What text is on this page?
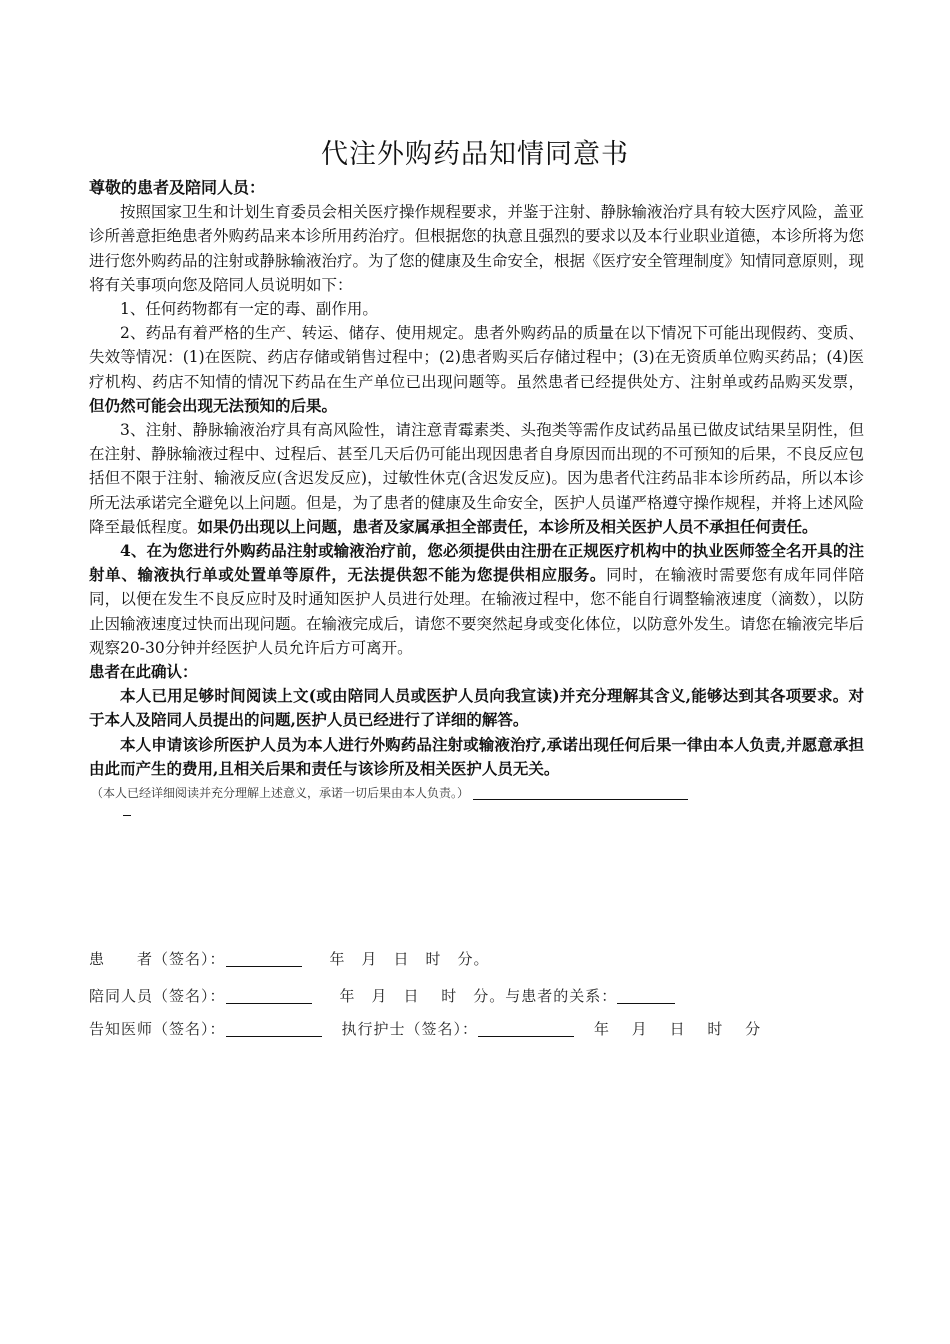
代注外购药品知情同意书

尊敬的患者及陪同人员：

按照国家卫生和计划生育委员会相关医疗操作规程要求，并鉴于注射、静脉输液治疗具有较大医疗风险，盖亚诊所善意拒绝患者外购药品来本诊所用药治疗。但根据您的执意且强烈的要求以及本行业职业道德，本诊所将为您进行您外购药品的注射或静脉输液治疗。为了您的健康及生命安全，根据《医疗安全管理制度》知情同意原则，现将有关事项向您及陪同人员说明如下：

1、任何药物都有一定的毒、副作用。

2、药品有着严格的生产、转运、储存、使用规定。患者外购药品的质量在以下情况下可能出现假药、变质、失效等情况：(1)在医院、药店存储或销售过程中；(2)患者购买后存储过程中；(3)在无资质单位购买药品；(4)医疗机构、药店不知情的情况下药品在生产单位已出现问题等。虽然患者已经提供处方、注射单或药品购买发票，但仍然可能会出现无法预知的后果。

3、注射、静脉输液治疗具有高风险性，请注意青霉素类、头孢类等需作皮试药品虽已做皮试结果呈阴性，但在注射、静脉输液过程中、过程后、甚至几天后仍可能出现因患者自身原因而出现的不可预知的后果，不良反应包括但不限于注射、输液反应(含迟发反应)，过敏性休克(含迟发反应)。因为患者代注药品非本诊所药品，所以本诊所无法承诺完全避免以上问题。但是，为了患者的健康及生命安全，医护人员谨严格遵守操作规程，并将上述风险降至最低程度。如果仍出现以上问题，患者及家属承担全部责任，本诊所及相关医护人员不承担任何责任。

4、在为您进行外购药品注射或输液治疗前，您必须提供由注册在正规医疗机构中的执业医师签全名开具的注射单、输液执行单或处置单等原件，无法提供恕不能为您提供相应服务。同时，在输液时需要您有成年同伴陪同，以便在发生不良反应时及时通知医护人员进行处理。在输液过程中，您不能自行调整输液速度（滴数），以防止因输液速度过快而出现问题。在输液完成后，请您不要突然起身或变化体位，以防意外发生。请您在输液完毕后观察20-30分钟并经医护人员允许后方可离开。

患者在此确认：

本人已用足够时间阅读上文(或由陪同人员或医护人员向我宣读)并充分理解其含义,能够达到其各项要求。对于本人及陪同人员提出的问题,医护人员已经进行了详细的解答。

本人申请该诊所医护人员为本人进行外购药品注射或输液治疗,承诺出现任何后果一律由本人负责,并愿意承担由此而产生的费用,且相关后果和责任与该诊所及相关医护人员无关。

（本人已经详细阅读并充分理解上述意义，承诺一切后果由本人负责。）

患　　者（签名）：	年　月　日　时　分。
陪同人员（签名）：	年　月　日　 时　分。与患者的关系：
告知医师（签名）：	执行护士（签名）：	年　 月　 日　 时　 分
